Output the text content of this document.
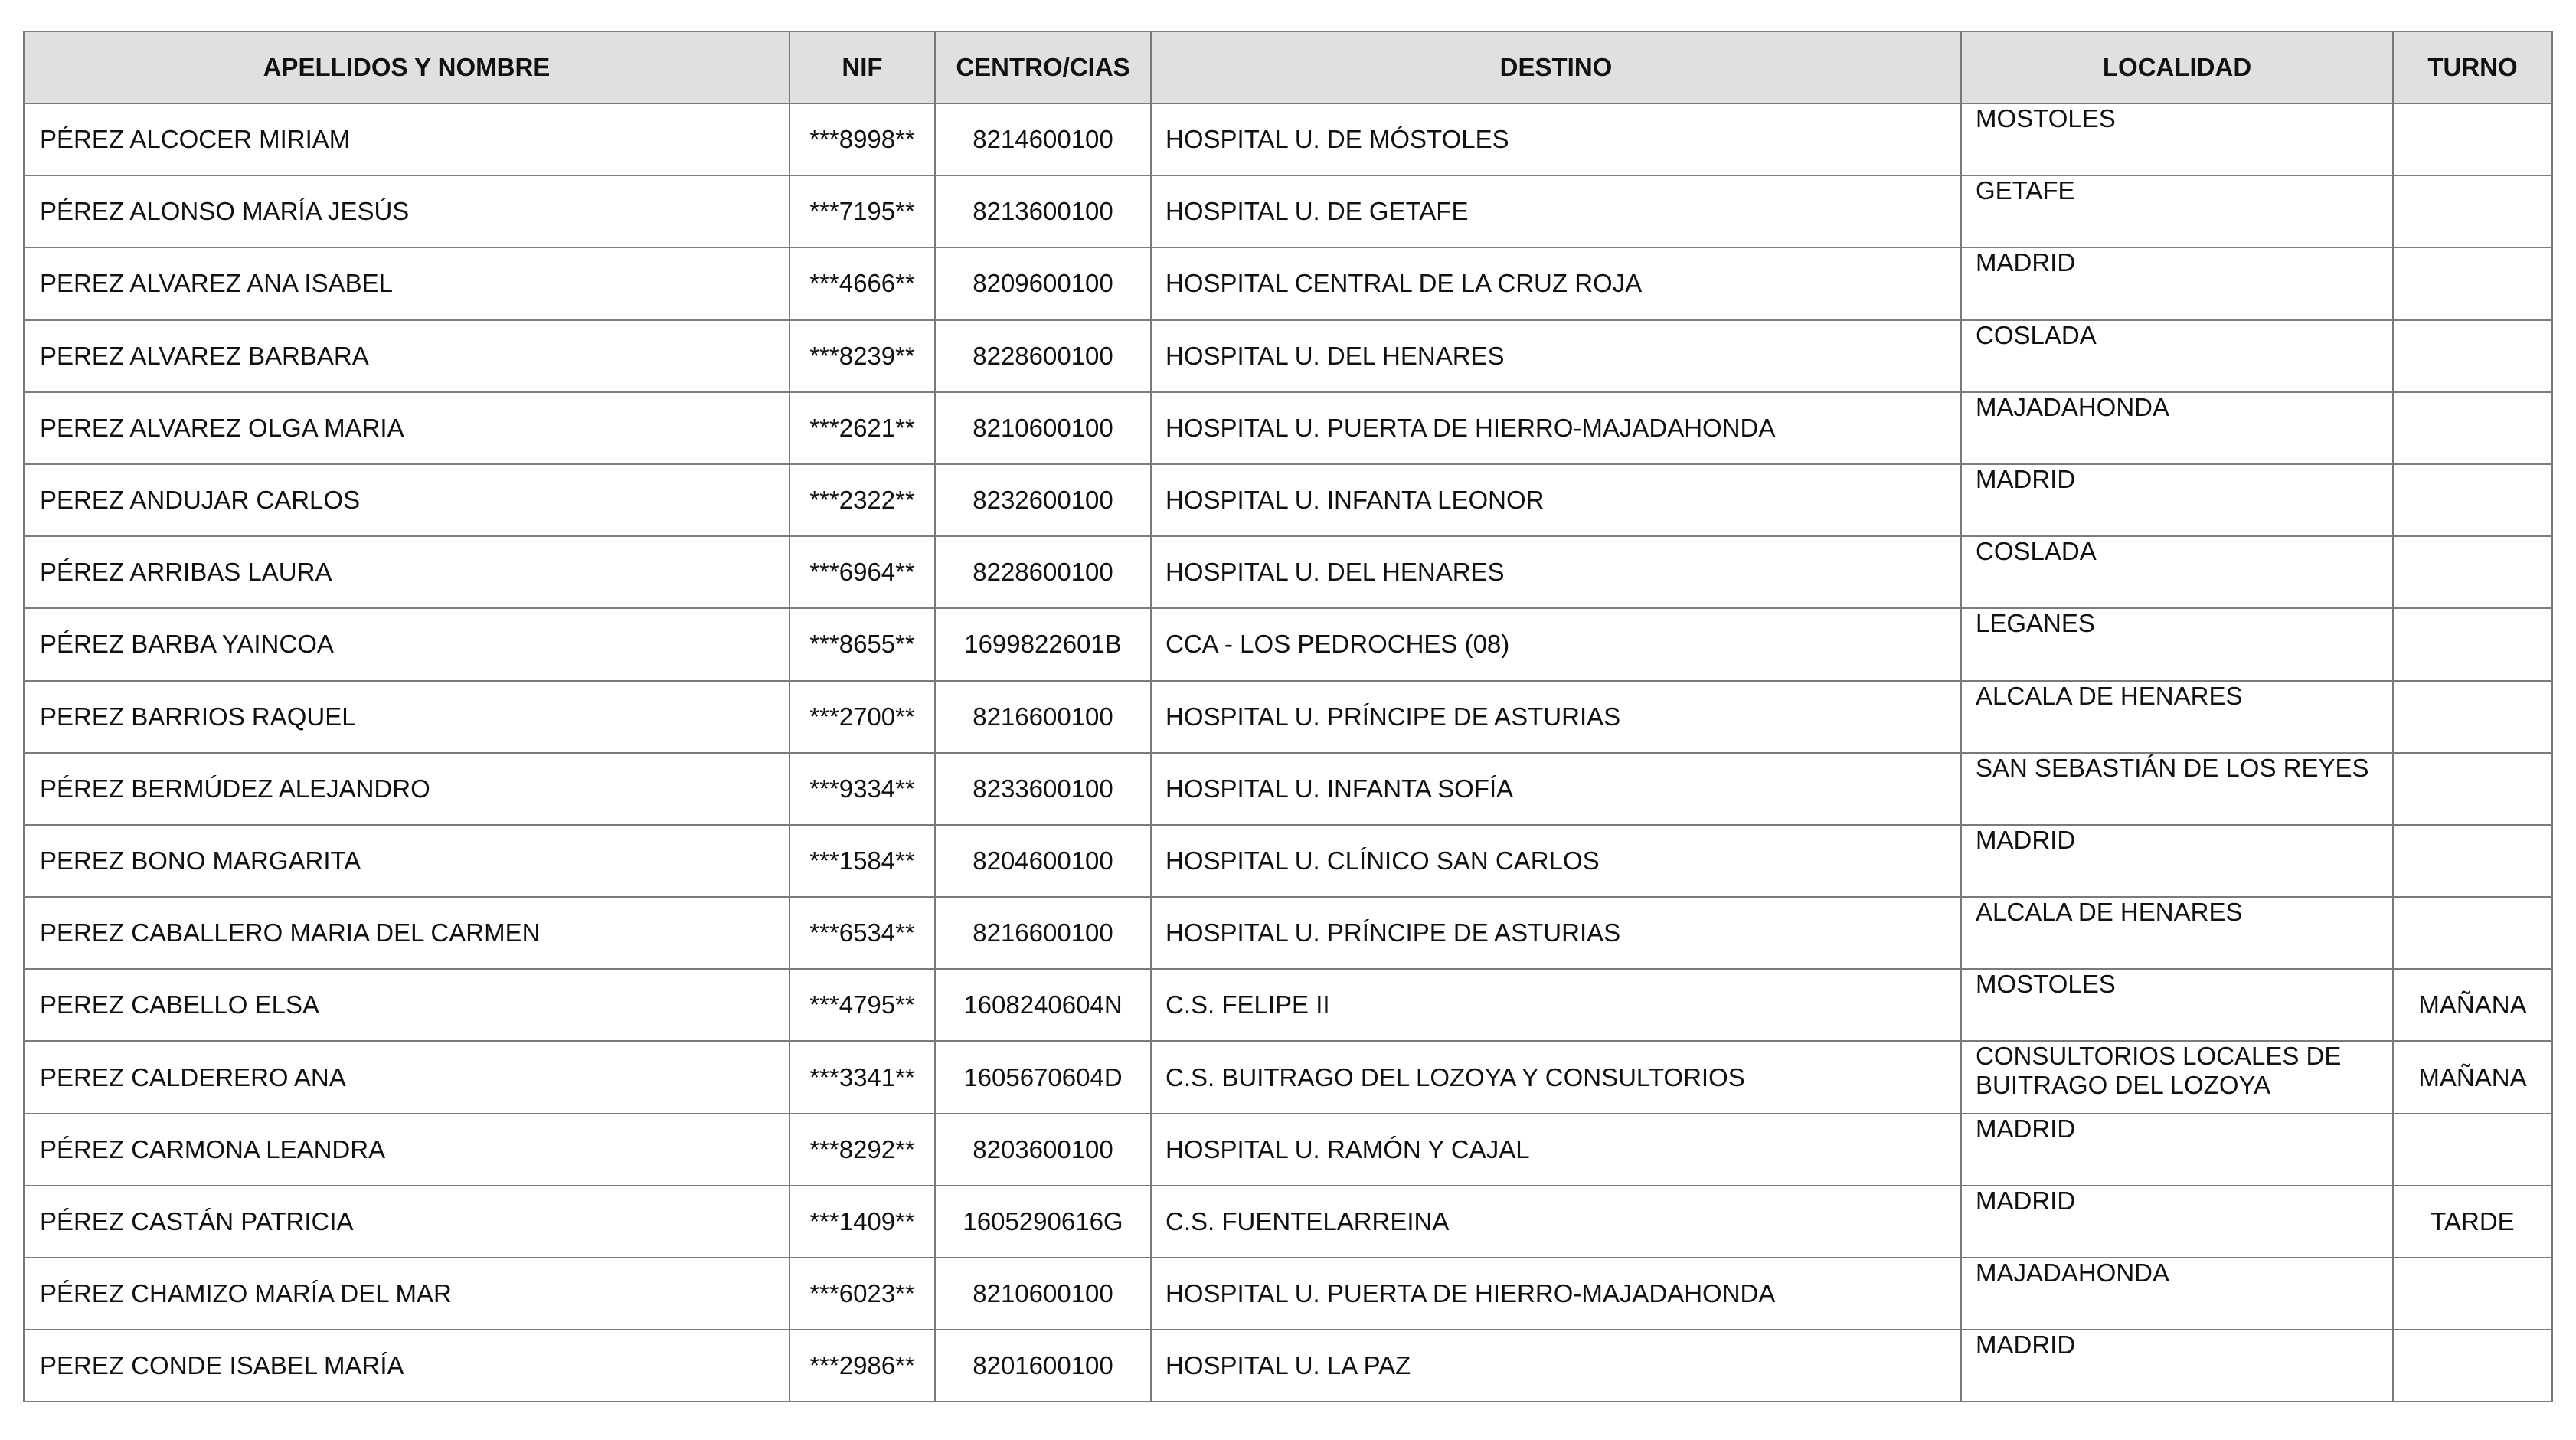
APELLIDOS Y NOMBRE	NIF	CENTRO/CIAS	DESTINO	LOCALIDAD	TURNO
PÉREZ ALCOCER MIRIAM	***8998**	8214600100	HOSPITAL U. DE MÓSTOLES	MOSTOLES	

PÉREZ ALONSO MARÍA JESÚS	***7195**	8213600100	HOSPITAL U. DE GETAFE	GETAFE	

PEREZ ALVAREZ ANA ISABEL	***4666**	8209600100	HOSPITAL CENTRAL DE LA CRUZ ROJA	MADRID	

PEREZ ALVAREZ BARBARA	***8239**	8228600100	HOSPITAL U. DEL HENARES	COSLADA	

PEREZ ALVAREZ OLGA MARIA	***2621**	8210600100	HOSPITAL U. PUERTA DE HIERRO-MAJADAHONDA	MAJADAHONDA	

PEREZ ANDUJAR CARLOS	***2322**	8232600100	HOSPITAL U. INFANTA LEONOR	MADRID	

PÉREZ ARRIBAS LAURA	***6964**	8228600100	HOSPITAL U. DEL HENARES	COSLADA	

PÉREZ BARBA YAINCOA	***8655**	1699822601B	CCA - LOS PEDROCHES (08)	LEGANES	

PEREZ BARRIOS RAQUEL	***2700**	8216600100	HOSPITAL U. PRÍNCIPE DE ASTURIAS	ALCALA DE HENARES	

PÉREZ BERMÚDEZ ALEJANDRO	***9334**	8233600100	HOSPITAL U. INFANTA SOFÍA	SAN SEBASTIÁN DE LOS REYES	

PEREZ BONO MARGARITA	***1584**	8204600100	HOSPITAL U. CLÍNICO SAN CARLOS	MADRID	

PEREZ CABALLERO MARIA DEL CARMEN	***6534**	8216600100	HOSPITAL U. PRÍNCIPE DE ASTURIAS	ALCALA DE HENARES	

PEREZ CABELLO ELSA	***4795**	1608240604N	C.S. FELIPE II	MOSTOLES	MAÑANA
PEREZ CALDERERO ANA	***3341**	1605670604D	C.S. BUITRAGO DEL LOZOYA Y CONSULTORIOS	CONSULTORIOS LOCALES DE BUITRAGO DEL LOZOYA	MAÑANA
PÉREZ CARMONA LEANDRA	***8292**	8203600100	HOSPITAL U. RAMÓN Y CAJAL	MADRID	

PÉREZ CASTÁN PATRICIA	***1409**	1605290616G	C.S. FUENTELARREINA	MADRID	TARDE
PÉREZ CHAMIZO MARÍA DEL MAR	***6023**	8210600100	HOSPITAL U. PUERTA DE HIERRO-MAJADAHONDA	MAJADAHONDA	

PEREZ CONDE ISABEL MARÍA	***2986**	8201600100	HOSPITAL U. LA PAZ	MADRID	
